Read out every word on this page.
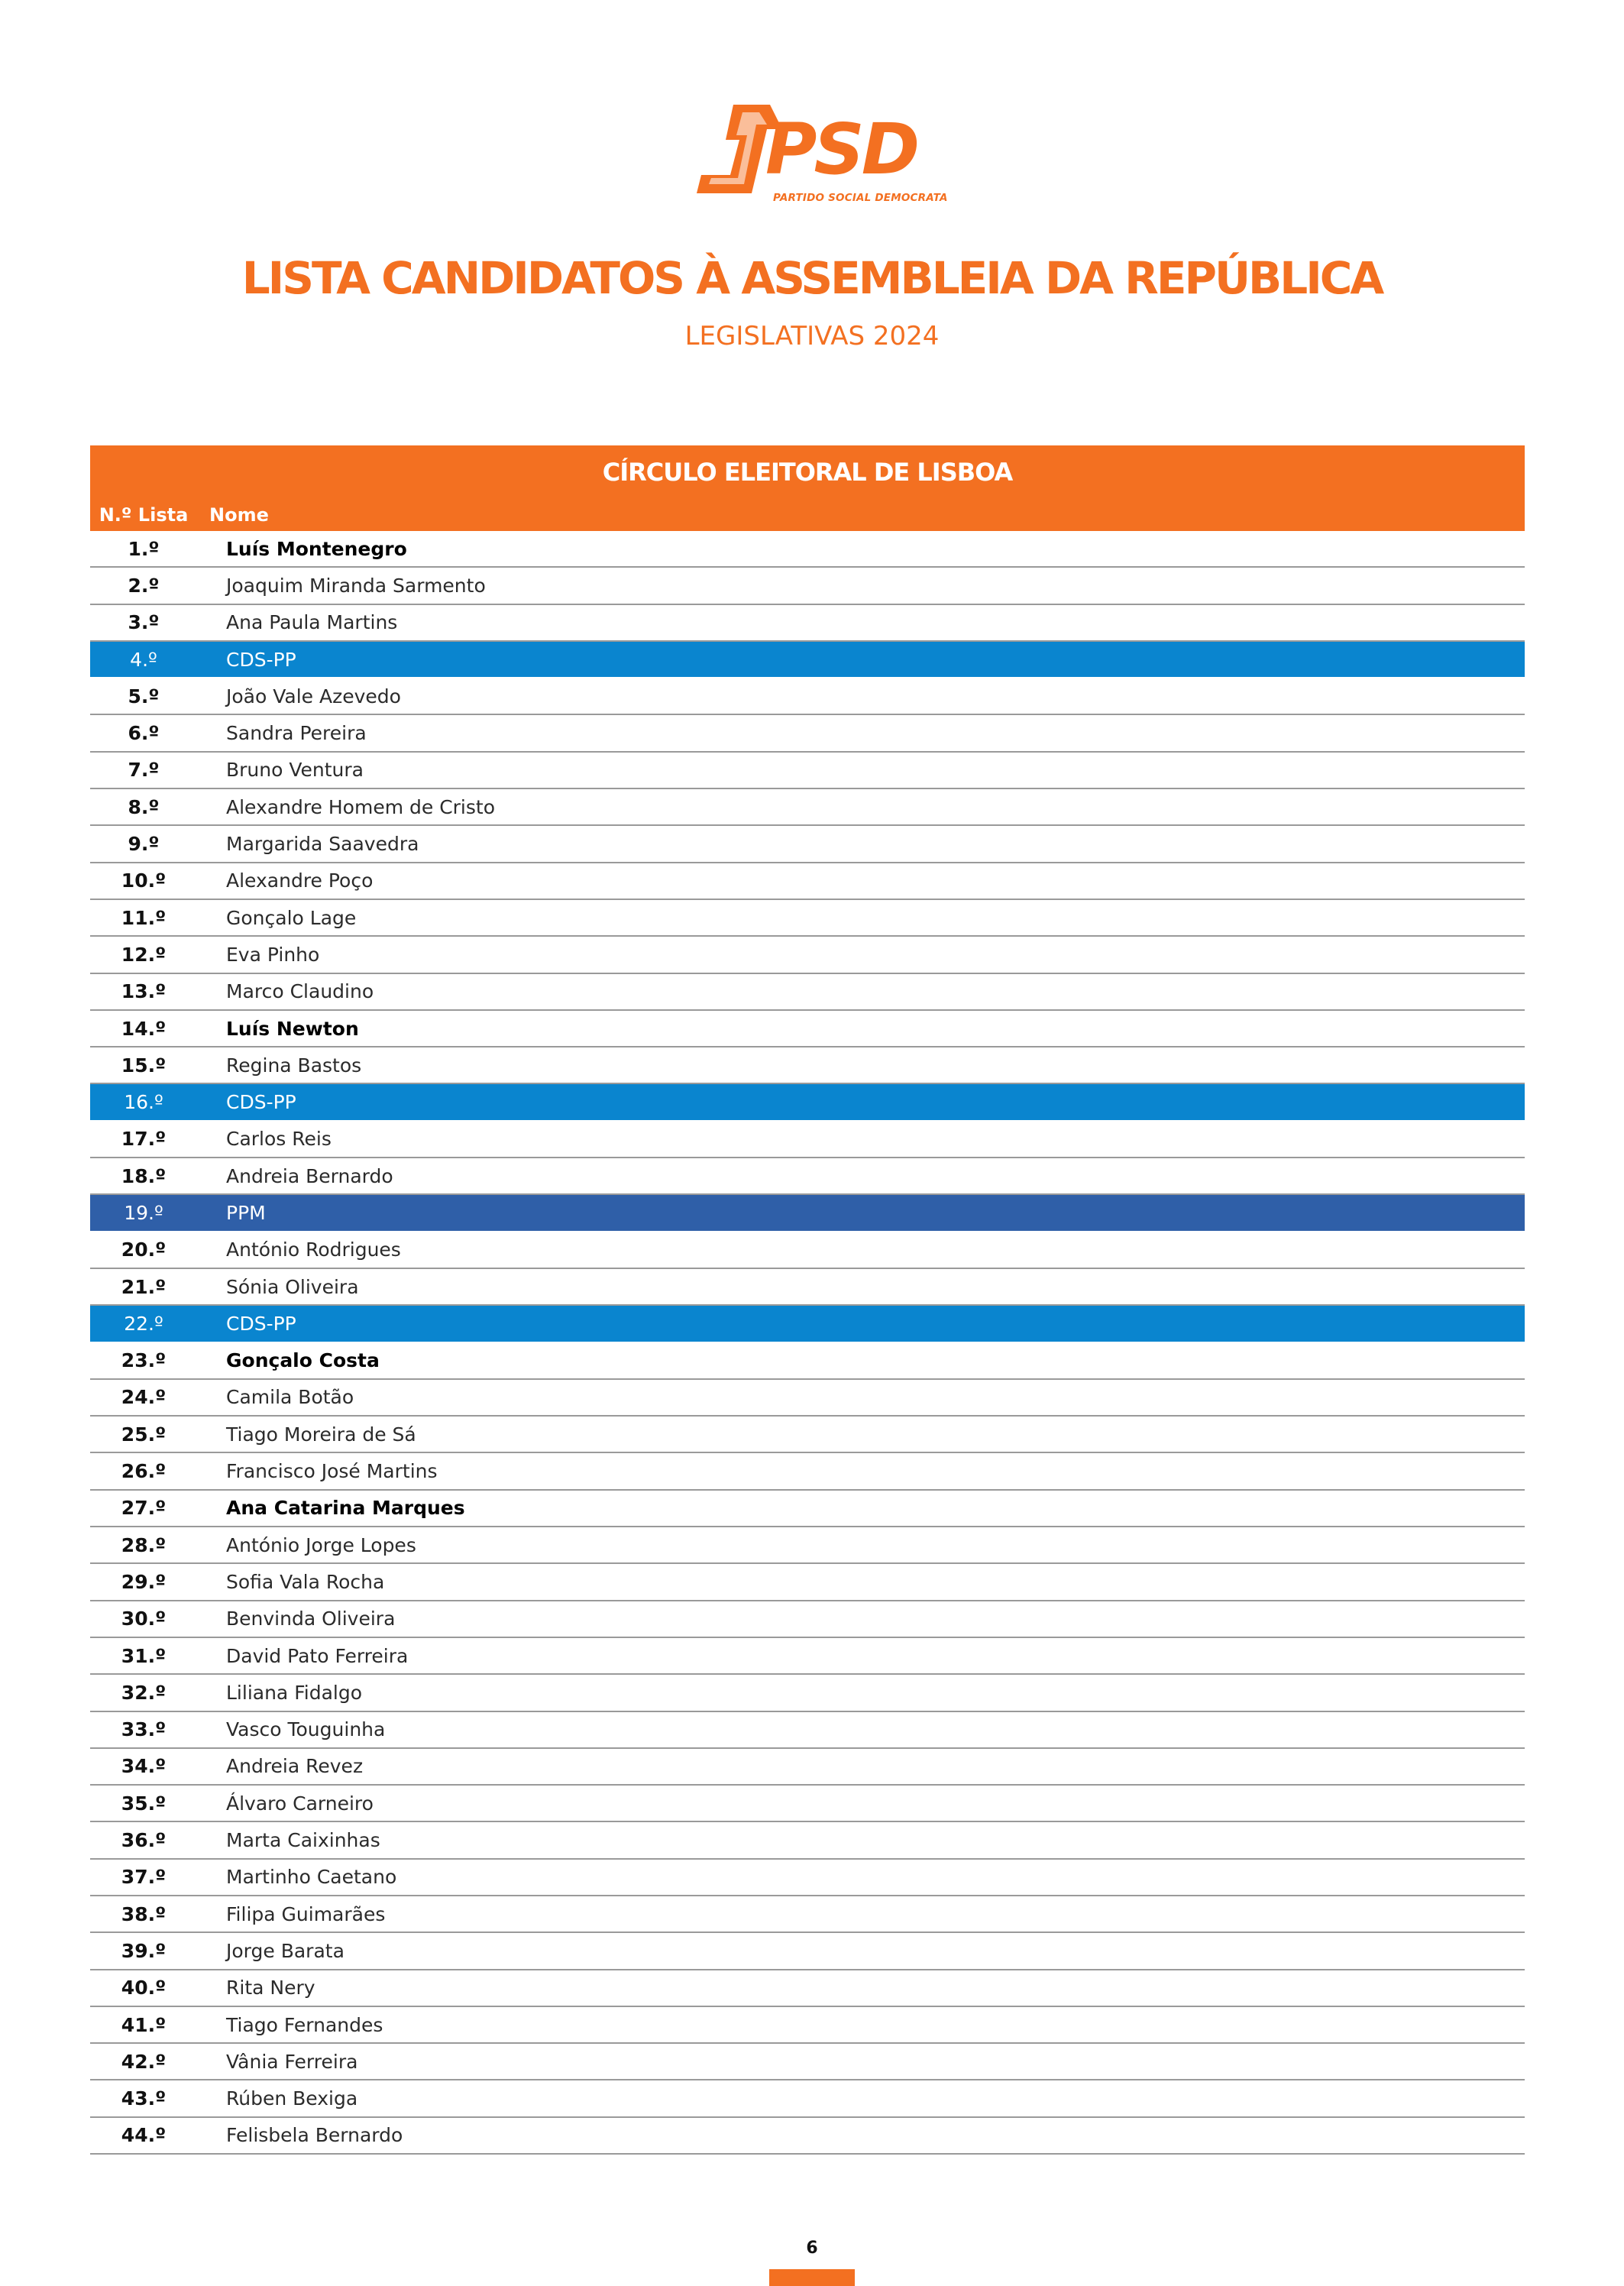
PSD
PARTIDO SOCIAL DEMOCRATA
LISTA CANDIDATOS À ASSEMBLEIA DA REPÚBLICA
LEGISLATIVAS 2024
CÍRCULO ELEITORAL DE LISBOA
N.º Lista	Nome
1.º	Luís Montenegro
2.º	Joaquim Miranda Sarmento
3.º	Ana Paula Martins
4.º	CDS-PP
5.º	João Vale Azevedo
6.º	Sandra Pereira
7.º	Bruno Ventura
8.º	Alexandre Homem de Cristo
9.º	Margarida Saavedra
10.º	Alexandre Poço
11.º	Gonçalo Lage
12.º	Eva Pinho
13.º	Marco Claudino
14.º	Luís Newton
15.º	Regina Bastos
16.º	CDS-PP
17.º	Carlos Reis
18.º	Andreia Bernardo
19.º	PPM
20.º	António Rodrigues
21.º	Sónia Oliveira
22.º	CDS-PP
23.º	Gonçalo Costa
24.º	Camila Botão
25.º	Tiago Moreira de Sá
26.º	Francisco José Martins
27.º	Ana Catarina Marques
28.º	António Jorge Lopes
29.º	Sofia Vala Rocha
30.º	Benvinda Oliveira
31.º	David Pato Ferreira
32.º	Liliana Fidalgo
33.º	Vasco Touguinha
34.º	Andreia Revez
35.º	Álvaro Carneiro
36.º	Marta Caixinhas
37.º	Martinho Caetano
38.º	Filipa Guimarães
39.º	Jorge Barata
40.º	Rita Nery
41.º	Tiago Fernandes
42.º	Vânia Ferreira
43.º	Rúben Bexiga
44.º	Felisbela Bernardo
6
